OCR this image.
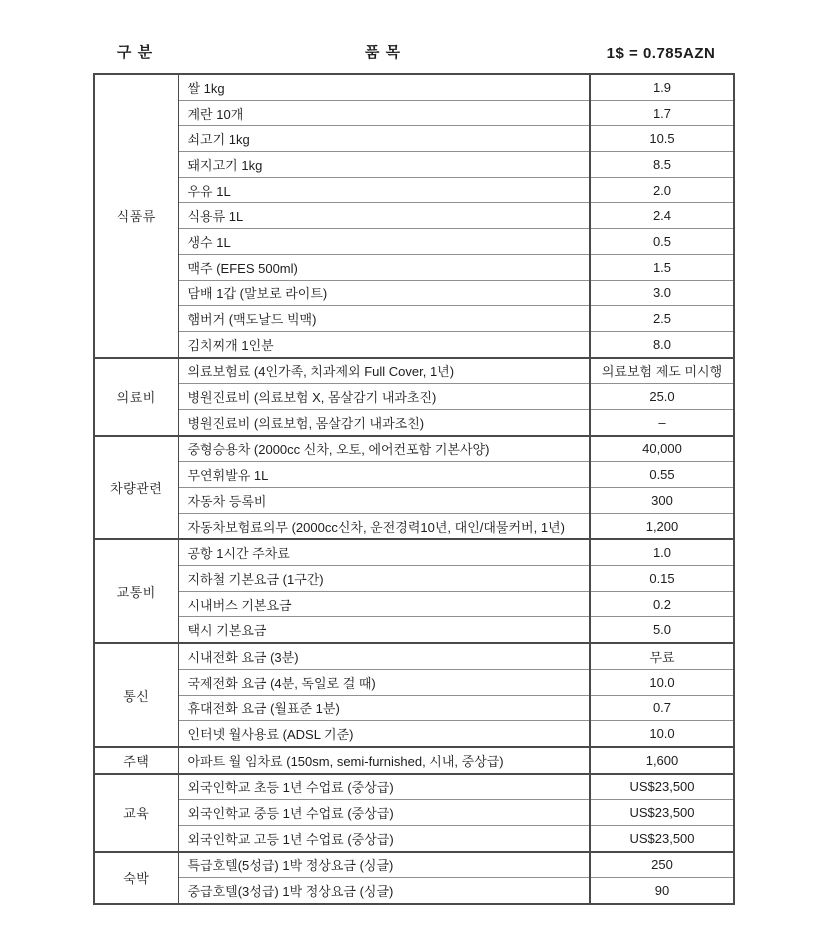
구 분	품 목	1$ = 0.785AZN
식품류	쌀 1kg	1.9
	계란 10개	1.7
	쇠고기 1kg	10.5
	돼지고기 1kg	8.5
	우유 1L	2.0
	식용류 1L	2.4
	생수 1L	0.5
	맥주 (EFES 500ml)	1.5
	담배 1갑 (말보로 라이트)	3.0
	햄버거 (맥도날드 빅맥)	2.5
	김치찌개 1인분	8.0
의료비	의료보험료 (4인가족, 치과제외 Full Cover, 1년)	의료보험 제도 미시행
	병원진료비 (의료보험 X, 몸살감기 내과초진)	25.0
	병원진료비 (의료보험, 몸살감기 내과조친)	–
차량관련	중형승용차 (2000cc 신차, 오토, 에어컨포함 기본사양)	40,000
	무연휘발유 1L	0.55
	자동차 등록비	300
	자동차보험료의무 (2000cc신차, 운전경력10년, 대인/대물커버, 1년)	1,200
교통비	공항 1시간 주차료	1.0
	지하철 기본요금 (1구간)	0.15
	시내버스 기본요금	0.2
	택시 기본요금	5.0
통신	시내전화 요금 (3분)	무료
	국제전화 요금 (4분, 독일로 걸 때)	10.0
	휴대전화 요금 (월표준 1분)	0.7
	인터넷 월사용료 (ADSL 기준)	10.0
주택	아파트 월 임차료 (150sm, semi-furnished, 시내, 중상급)	1,600
교육	외국인학교 초등 1년 수업료 (중상급)	US$23,500
	외국인학교 중등 1년 수업료 (중상급)	US$23,500
	외국인학교 고등 1년 수업료 (중상급)	US$23,500
숙박	특급호텔(5성급) 1박 정상요금 (싱글)	250
	중급호텔(3성급) 1박 정상요금 (싱글)	90
